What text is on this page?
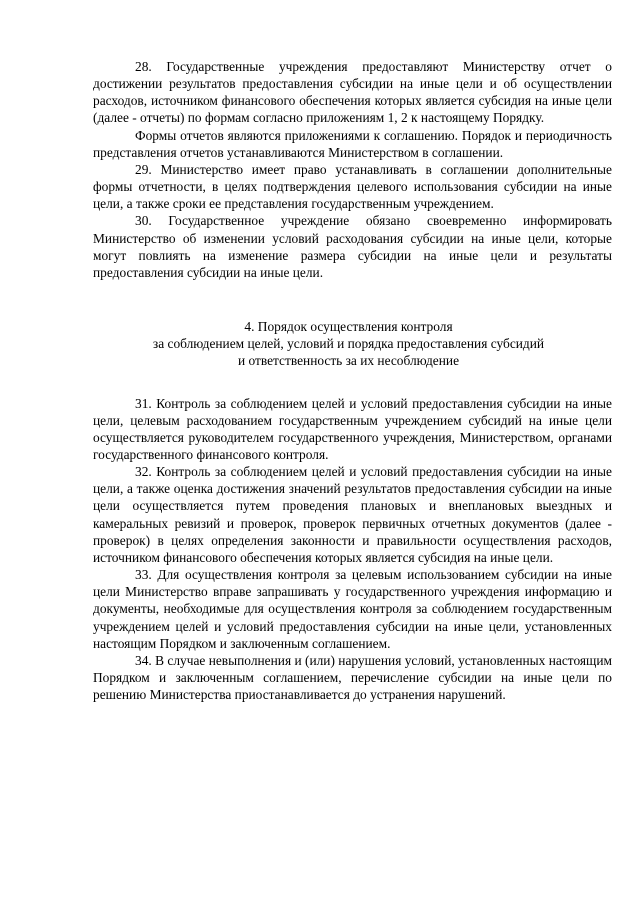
28. Государственные учреждения предоставляют Министерству отчет о достижении результатов предоставления субсидии на иные цели и об осуществлении расходов, источником финансового обеспечения которых является субсидия на иные цели (далее - отчеты) по формам согласно приложениям 1, 2 к настоящему Порядку.

Формы отчетов являются приложениями к соглашению. Порядок и периодичность представления отчетов устанавливаются Министерством в соглашении.

29. Министерство имеет право устанавливать в соглашении дополнительные формы отчетности, в целях подтверждения целевого использования субсидии на иные цели, а также сроки ее представления государственным учреждением.

30. Государственное учреждение обязано своевременно информировать Министерство об изменении условий расходования субсидии на иные цели, которые могут повлиять на изменение размера субсидии на иные цели и результаты предоставления субсидии на иные цели.

4. Порядок осуществления контроля

за соблюдением целей, условий и порядка предоставления субсидий

и ответственность за их несоблюдение

31. Контроль за соблюдением целей и условий предоставления субсидии на иные цели, целевым расходованием государственным учреждением субсидий на иные цели осуществляется руководителем государственного учреждения, Министерством, органами государственного финансового контроля.

32. Контроль за соблюдением целей и условий предоставления субсидии на иные цели, а также оценка достижения значений результатов предоставления субсидии на иные цели осуществляется путем проведения плановых и внеплановых выездных и камеральных ревизий и проверок, проверок первичных отчетных документов (далее - проверок) в целях определения законности и правильности осуществления расходов, источником финансового обеспечения которых является субсидия на иные цели.

33. Для осуществления контроля за целевым использованием субсидии на иные цели Министерство вправе запрашивать у государственного учреждения информацию и документы, необходимые для осуществления контроля за соблюдением государственным учреждением целей и условий предоставления субсидии на иные цели, установленных настоящим Порядком и заключенным соглашением.

34. В случае невыполнения и (или) нарушения условий, установленных настоящим Порядком и заключенным соглашением, перечисление субсидии на иные цели по решению Министерства приостанавливается до устранения нарушений.
